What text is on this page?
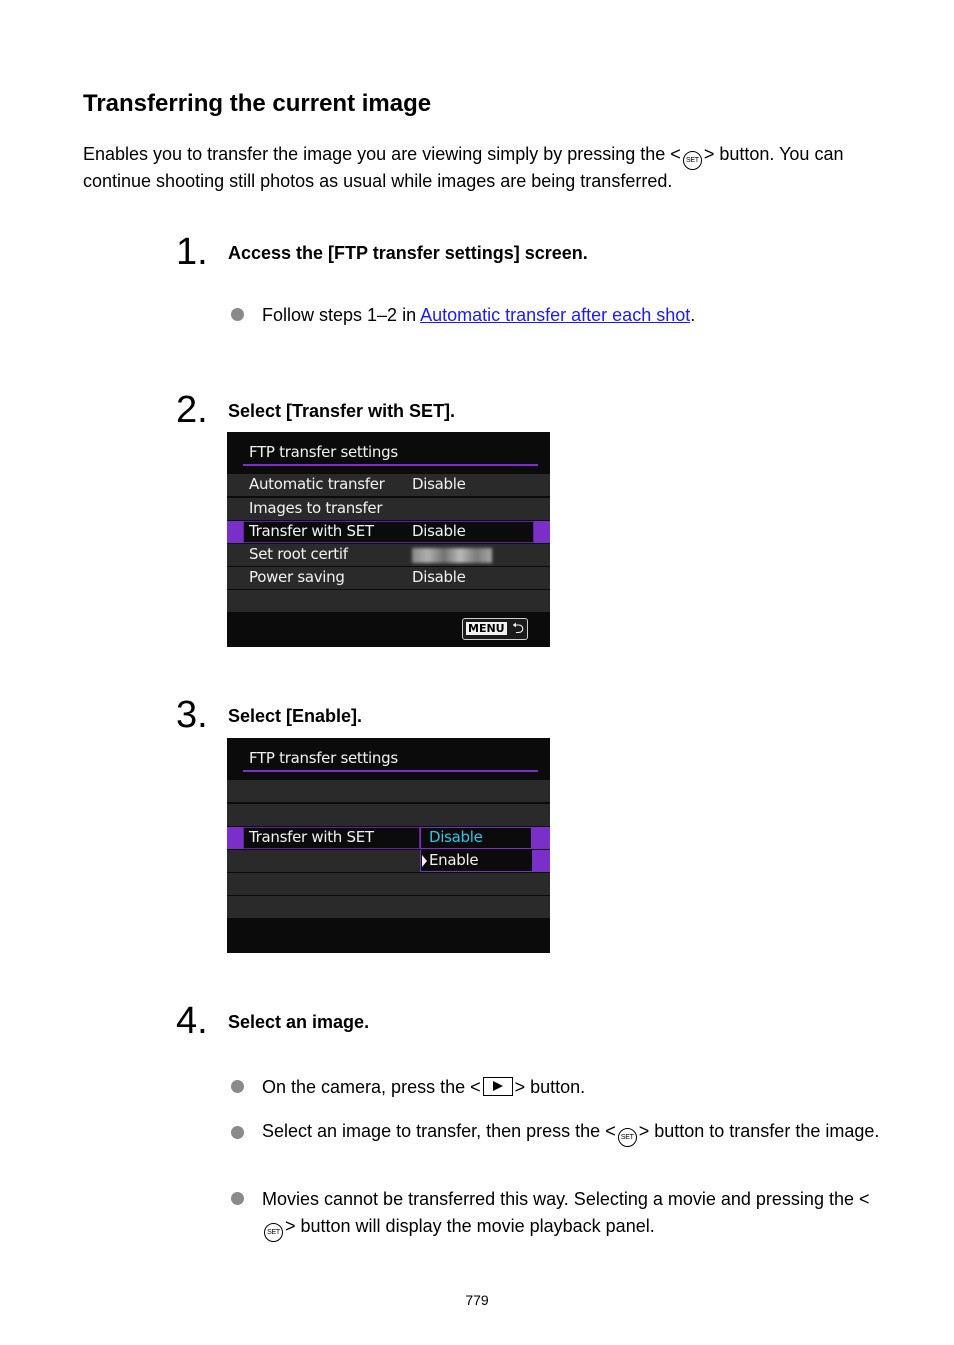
Transferring the current image

Enables you to transfer the image you are viewing simply by pressing the < SET > button. You can continue shooting still photos as usual while images are being transferred.

1. Access the [FTP transfer settings] screen.
Follow steps 1–2 in Automatic transfer after each shot.
2. Select [Transfer with SET].
FTP transfer settings
Automatic transfer Disable
Images to transfer
Transfer with SET	Disable
Set root certif
Power saving	Disable
MENU ⮌
3. Select [Enable].
FTP transfer settings
Transfer with SET	Disable
Enable
4. Select an image.
On the camera, press the < > button.
Select an image to transfer, then press the < SET > button to transfer the image.
Movies cannot be transferred this way. Selecting a movie and pressing the <SET > button will display the movie playback panel.
779
